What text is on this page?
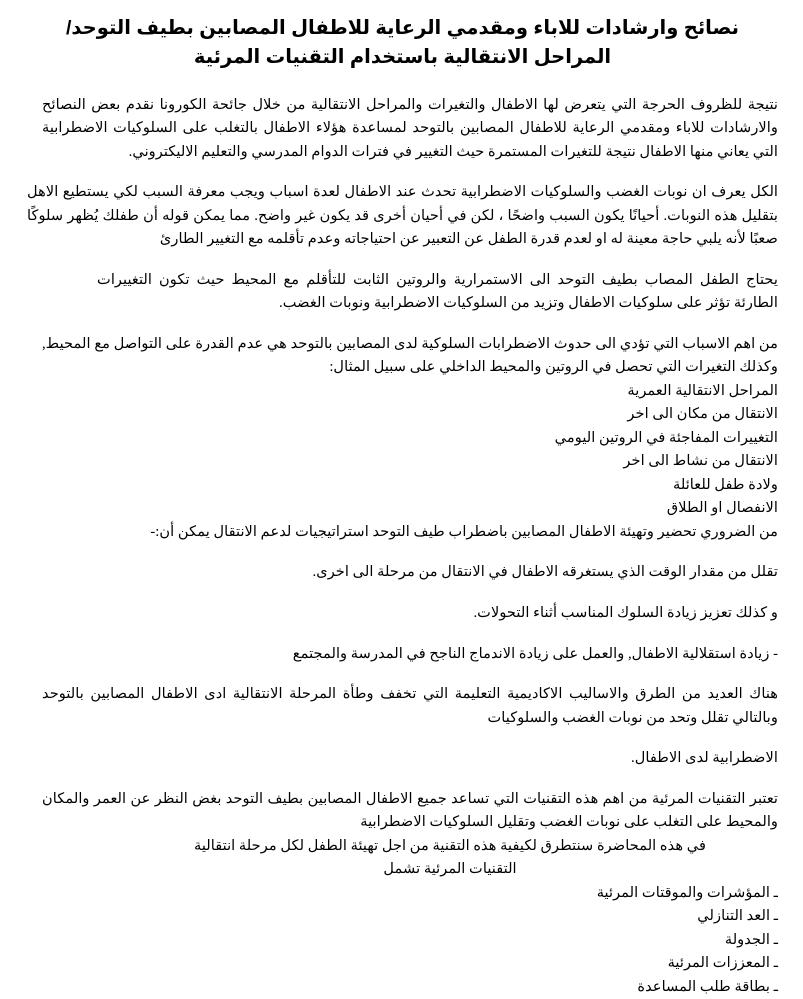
نصائح وارشادات للاباء ومقدمي الرعاية للاطفال المصابين بطيف التوحد/ المراحل الانتقالية باستخدام التقنيات المرئية

نتيجة للظروف الحرجة التي يتعرض لها الاطفال والتغيرات والمراحل الانتقالية من خلال جائحة الكورونا نقدم بعض النصائح والارشادات للاباء ومقدمي الرعاية للاطفال المصابين بالتوحد لمساعدة هؤلاء الاطفال بالتغلب على السلوكيات الاضطرابية التي يعاني منها الاطفال نتيجة للتغيرات المستمرة حيث التغيير في فترات الدوام المدرسي والتعليم الاليكتروني.

الكل يعرف ان نوبات الغضب والسلوكيات الاضطرابية تحدث عند الاطفال لعدة اسباب ويجب معرفة السبب لكي يستطيع الاهل بتقليل هذه النوبات. أحيانًا يكون السبب واضحًا ، لكن في أحيان أخرى قد يكون غير واضح. مما يمكن قوله أن طفلك يُظهر سلوكًا صعبًا لأنه يلبي حاجة معينة له او لعدم قدرة الطفل عن التعبير عن احتياجاته وعدم تأقلمه مع التغيير الطارئ

يحتاج الطفل المصاب بطيف التوحد الى الاستمرارية والروتين الثابت للتأقلم مع المحيط حيث تكون التغييرات الطارئة تؤثر على سلوكيات الاطفال وتزيد من السلوكيات الاضطرابية ونوبات الغضب.

من اهم الاسباب التي تؤدي الى حدوث الاضطرابات السلوكية لدى المصابين بالتوحد هي عدم القدرة على التواصل مع المحيط, وكذلك التغيرات التي تحصل في الروتين والمحيط الداخلي على سبيل المثال:

المراحل الانتقالية العمرية
الانتقال من مكان الى اخر
التغييرات المفاجئة في الروتين اليومي
الانتقال من نشاط الى اخر
ولادة طفل للعائلة
الانفصال او الطلاق

من الضروري تحضير وتهيئة الاطفال المصابين باضطراب طيف التوحد استراتيجيات لدعم الانتقال يمكن أن:-

تقلل من مقدار الوقت الذي يستغرقه الاطفال في الانتقال من مرحلة الى اخرى.

و كذلك تعزيز زيادة السلوك المناسب أثناء التحولات.

- زيادة استقلالية الاطفال, والعمل على زيادة الاندماج الناجح في المدرسة والمجتمع

هناك العديد من الطرق والاساليب الاكاديمية التعليمة التي تخفف وطأة المرحلة الانتقالية ادى الاطفال المصابين بالتوحد وبالتالي تقلل وتحد من نوبات الغضب والسلوكيات

الاضطرابية لدى الاطفال.

تعتبر التقنيات المرئية من اهم هذه التقنيات التي تساعد جميع الاطفال المصابين بطيف التوحد بغض النظر عن العمر والمكان والمحيط على التغلب على نوبات الغضب وتقليل السلوكيات الاضطرابية

في هذه المحاضرة سنتطرق لكيفية هذه التقنية من اجل تهيئة الطفل لكل مرحلة انتقالية

التقنيات المرئية تشمل

ـ المؤشرات والموقتات المرئية
ـ العد التنازلي
ـ الجدولة
ـ المعززات المرئية
ـ بطاقة طلب المساعدة
